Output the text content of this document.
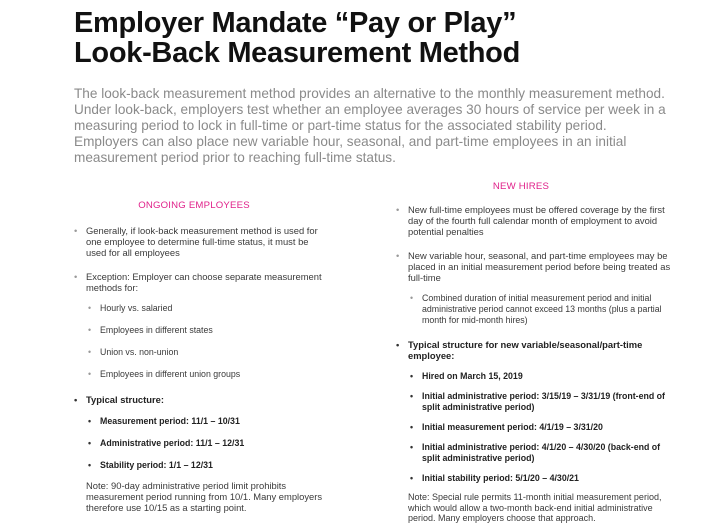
Employer Mandate “Pay or Play”
Look-Back Measurement Method

The look-back measurement method provides an alternative to the monthly measurement method. Under look-back, employers test whether an employee averages 30 hours of service per week in a measuring period to lock in full-time or part-time status for the associated stability period. Employers can also place new variable hour, seasonal, and part-time employees in an initial measurement period prior to reaching full-time status.

ONGOING EMPLOYEES
• Generally, if look-back measurement method is used for one employee to determine full-time status, it must be used for all employees
• Exception: Employer can choose separate measurement methods for:
• Hourly vs. salaried
• Employees in different states
• Union vs. non-union
• Employees in different union groups
• Typical structure:
• Measurement period: 11/1 – 10/31
• Administrative period: 11/1 – 12/31
• Stability period: 1/1 – 12/31

Note: 90-day administrative period limit prohibits measurement period running from 10/1. Many employers therefore use 10/15 as a starting point.

NEW HIRES
• New full-time employees must be offered coverage by the first day of the fourth full calendar month of employment to avoid potential penalties
• New variable hour, seasonal, and part-time employees may be placed in an initial measurement period before being treated as full-time
• Combined duration of initial measurement period and initial administrative period cannot exceed 13 months (plus a partial month for mid-month hires)
• Typical structure for new variable/seasonal/part-time employee:
• Hired on March 15, 2019
• Initial administrative period: 3/15/19 – 3/31/19 (front-end of split administrative period)
• Initial measurement period: 4/1/19 – 3/31/20
• Initial administrative period: 4/1/20 – 4/30/20 (back-end of split administrative period)
• Initial stability period: 5/1/20 – 4/30/21

Note: Special rule permits 11-month initial measurement period, which would allow a two-month back-end initial administrative period. Many employers choose that approach.
